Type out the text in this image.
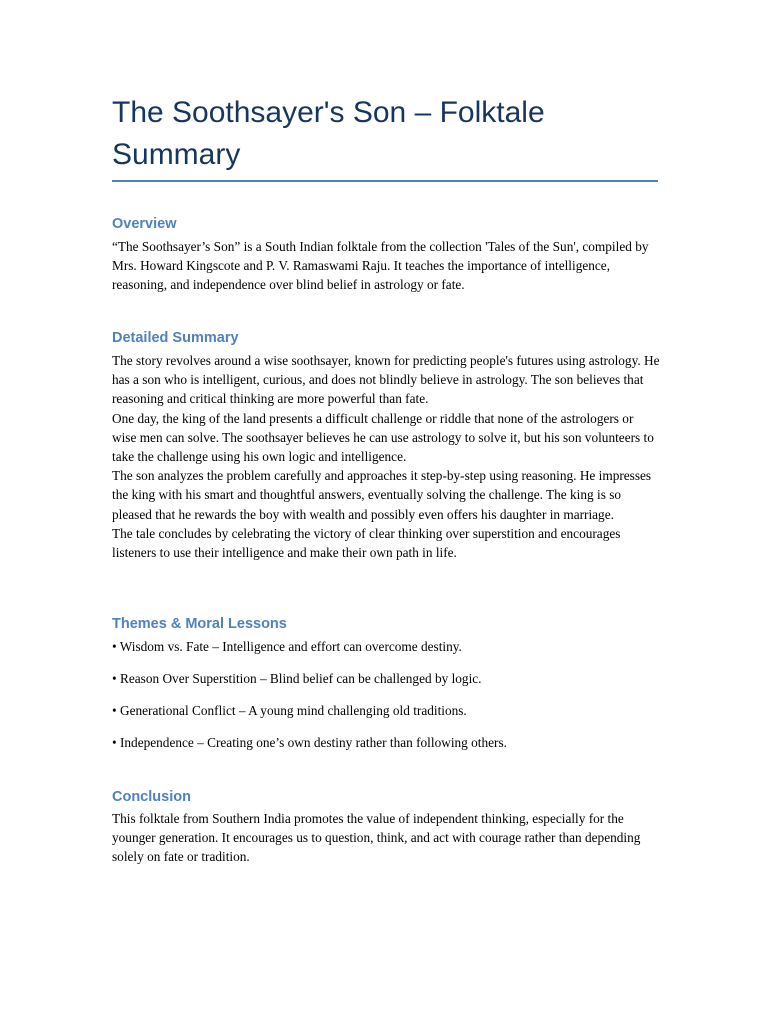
The Soothsayer's Son – Folktale Summary
Overview

“The Soothsayer’s Son” is a South Indian folktale from the collection 'Tales of the Sun', compiled by Mrs. Howard Kingscote and P. V. Ramaswami Raju. It teaches the importance of intelligence, reasoning, and independence over blind belief in astrology or fate.

Detailed Summary

The story revolves around a wise soothsayer, known for predicting people's futures using astrology. He has a son who is intelligent, curious, and does not blindly believe in astrology. The son believes that reasoning and critical thinking are more powerful than fate.

One day, the king of the land presents a difficult challenge or riddle that none of the astrologers or wise men can solve. The soothsayer believes he can use astrology to solve it, but his son volunteers to take the challenge using his own logic and intelligence.

The son analyzes the problem carefully and approaches it step-by-step using reasoning. He impresses the king with his smart and thoughtful answers, eventually solving the challenge. The king is so pleased that he rewards the boy with wealth and possibly even offers his daughter in marriage.

The tale concludes by celebrating the victory of clear thinking over superstition and encourages listeners to use their intelligence and make their own path in life.

Themes & Moral Lessons
• Wisdom vs. Fate – Intelligence and effort can overcome destiny.
• Reason Over Superstition – Blind belief can be challenged by logic.
• Generational Conflict – A young mind challenging old traditions.
• Independence – Creating one’s own destiny rather than following others.
Conclusion

This folktale from Southern India promotes the value of independent thinking, especially for the younger generation. It encourages us to question, think, and act with courage rather than depending solely on fate or tradition.
